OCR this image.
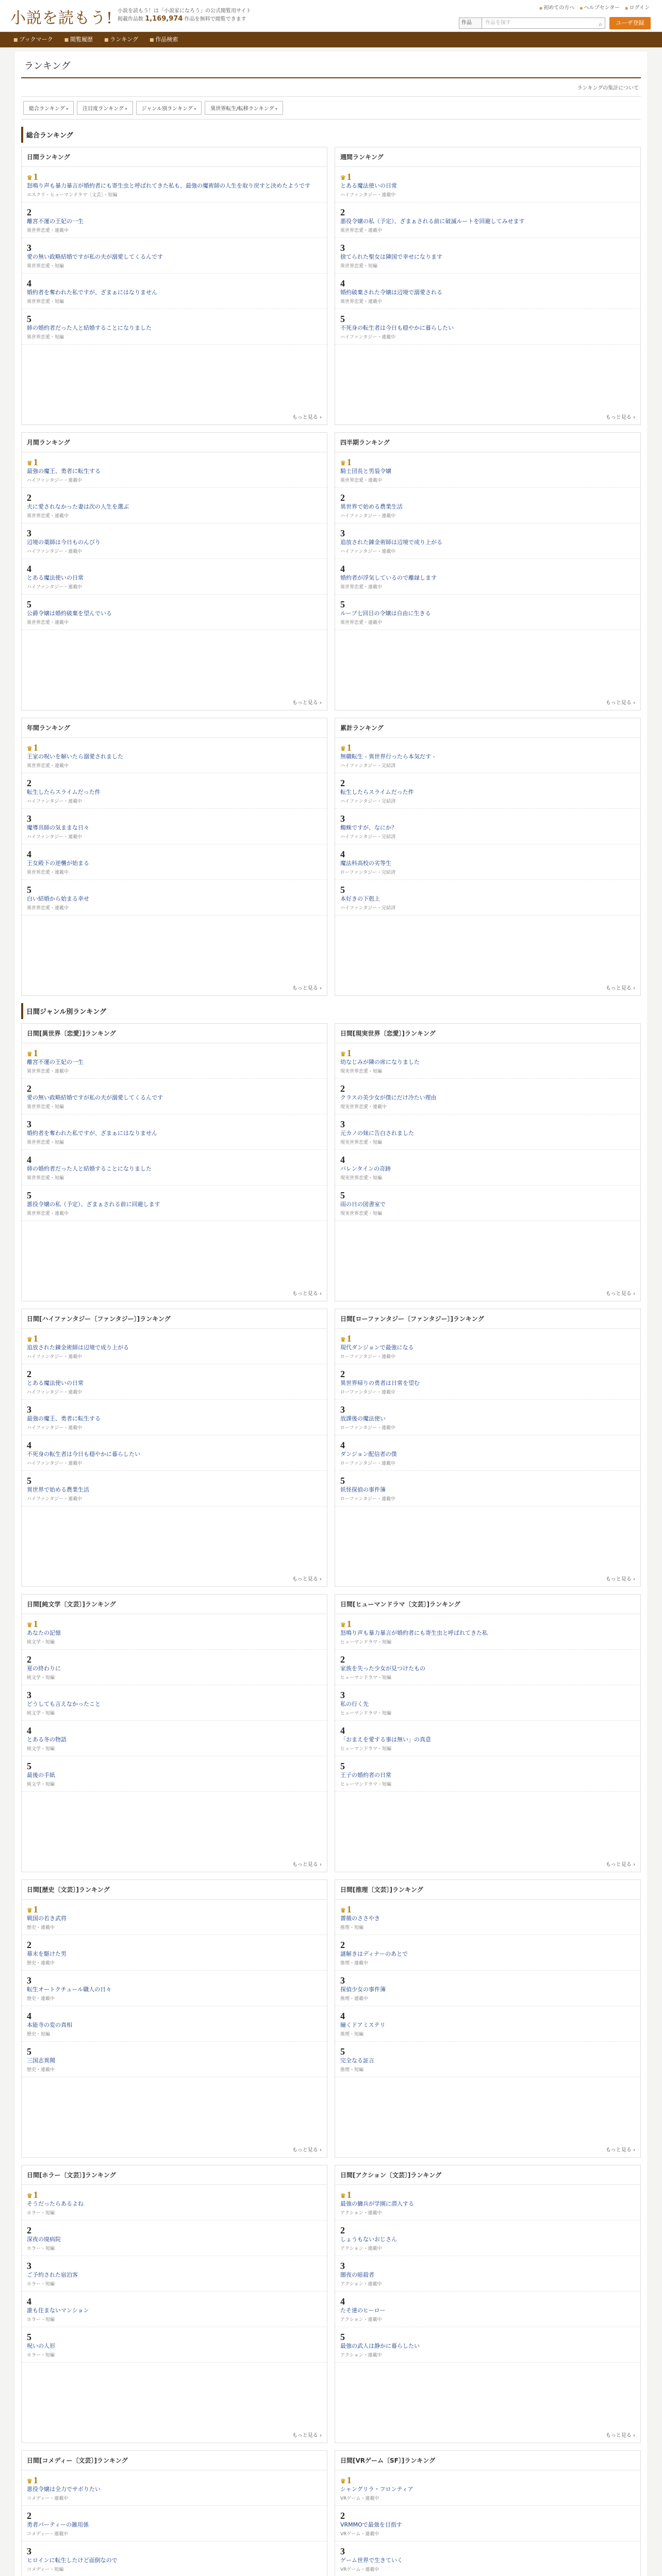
小説を読もう! 小説を読もう！は「小説家になろう」の公式閲覧用サイト
掲載作品数 1,169,974 作品を無料で閲覧できます
● 初めての方へ	● ヘルプセンター	● ログイン
作品	作品を探す	⌕	ユーザ登録
■ ブックマーク	■ 閲覧履歴	■ ランキング	■ 作品検索
ランキング
ランキングの集計について
総合ランキング ▾	注目度ランキング ▾	ジャンル別ランキング ▾	異世界転生/転移ランキング ▾
総合ランキング
日間ランキング
♛ 1
怒鳴り声も暴力暴言が婚約者にも寄生虫と呼ばれてきた私も、最強の魔術師の人生を取り戻すと決めたようです
エスクリ・ヒューマンドラマ〔文芸〕・短編
2
離宮不運の王妃の一生
異世界恋愛・連載中
3
愛の無い政略結婚ですが私の夫が溺愛してくるんです
異世界恋愛・短編
4
婚約者を奪われた私ですが、ざまぁにはなりません
異世界恋愛・短編
5
姉の婚約者だった人と結婚することになりました
異世界恋愛・短編
もっと見る ›
週間ランキング
♛ 1
とある魔法使いの日常
ハイファンタジー・連載中
2
悪役令嬢の私（予定）、ざまぁされる前に破滅ルートを回避してみせます
異世界恋愛・連載中
3
捨てられた聖女は隣国で幸せになります
異世界恋愛・短編
4
婚約破棄された令嬢は辺境で溺愛される
異世界恋愛・連載中
5
不死身の転生者は今日も穏やかに暮らしたい
ハイファンタジー・連載中
もっと見る ›
月間ランキング
♛ 1
最強の魔王、勇者に転生する
ハイファンタジー・連載中
2
夫に愛されなかった妻は次の人生を選ぶ
異世界恋愛・連載中
3
辺境の薬師は今日ものんびり
ハイファンタジー・連載中
4
とある魔法使いの日常
ハイファンタジー・連載中
5
公爵令嬢は婚約破棄を望んでいる
異世界恋愛・連載中
もっと見る ›
四半期ランキング
♛ 1
騎士団長と男装令嬢
異世界恋愛・連載中
2
異世界で始める農業生活
ハイファンタジー・連載中
3
追放された錬金術師は辺境で成り上がる
ハイファンタジー・連載中
4
婚約者が浮気しているので離縁します
異世界恋愛・連載中
5
ループ七回目の令嬢は自由に生きる
異世界恋愛・連載中
もっと見る ›
年間ランキング
♛ 1
王家の呪いを解いたら溺愛されました
異世界恋愛・連載中
2
転生したらスライムだった件
ハイファンタジー・連載中
3
魔導具師の気ままな日々
ハイファンタジー・連載中
4
王女殿下の逆襲が始まる
異世界恋愛・連載中
5
白い結婚から始まる幸せ
異世界恋愛・連載中
もっと見る ›
累計ランキング
♛ 1
無職転生 - 異世界行ったら本気だす -
ハイファンタジー・完結済
2
転生したらスライムだった件
ハイファンタジー・完結済
3
蜘蛛ですが、なにか？
ハイファンタジー・完結済
4
魔法科高校の劣等生
ローファンタジー・完結済
5
本好きの下剋上
ハイファンタジー・完結済
もっと見る ›
日間ジャンル別ランキング
日間[異世界〔恋愛〕]ランキング
♛ 1
離宮不運の王妃の一生
異世界恋愛・連載中
2
愛の無い政略結婚ですが私の夫が溺愛してくるんです
異世界恋愛・短編
3
婚約者を奪われた私ですが、ざまぁにはなりません
異世界恋愛・短編
4
姉の婚約者だった人と結婚することになりました
異世界恋愛・短編
5
悪役令嬢の私（予定）、ざまぁされる前に回避します
異世界恋愛・連載中
もっと見る ›
日間[現実世界〔恋愛〕]ランキング
♛ 1
幼なじみが隣の席になりました
現実世界恋愛・短編
2
クラスの美少女が僕にだけ冷たい理由
現実世界恋愛・連載中
3
元カノの妹に告白されました
現実世界恋愛・短編
4
バレンタインの奇跡
現実世界恋愛・短編
5
雨の日の図書室で
現実世界恋愛・短編
もっと見る ›
日間[ハイファンタジー〔ファンタジー〕]ランキング
♛ 1
追放された錬金術師は辺境で成り上がる
ハイファンタジー・連載中
2
とある魔法使いの日常
ハイファンタジー・連載中
3
最強の魔王、勇者に転生する
ハイファンタジー・連載中
4
不死身の転生者は今日も穏やかに暮らしたい
ハイファンタジー・連載中
5
異世界で始める農業生活
ハイファンタジー・連載中
もっと見る ›
日間[ローファンタジー〔ファンタジー〕]ランキング
♛ 1
現代ダンジョンで最強になる
ローファンタジー・連載中
2
異世界帰りの勇者は日常を望む
ローファンタジー・連載中
3
放課後の魔法使い
ローファンタジー・連載中
4
ダンジョン配信者の僕
ローファンタジー・連載中
5
妖怪探偵の事件簿
ローファンタジー・連載中
もっと見る ›
日間[純文学〔文芸〕]ランキング
♛ 1
あなたの記憶
純文学・短編
2
夏の終わりに
純文学・短編
3
どうしても言えなかったこと
純文学・短編
4
とある冬の物語
純文学・短編
5
最後の手紙
純文学・短編
もっと見る ›
日間[ヒューマンドラマ〔文芸〕]ランキング
♛ 1
怒鳴り声も暴力暴言が婚約者にも寄生虫と呼ばれてきた私
ヒューマンドラマ・短編
2
家族を失った少女が見つけたもの
ヒューマンドラマ・短編
3
私の行く先
ヒューマンドラマ・短編
4
「おまえを愛する事は無い」の真意
ヒューマンドラマ・短編
5
王子の婚約者の日常
ヒューマンドラマ・短編
もっと見る ›
日間[歴史〔文芸〕]ランキング
♛ 1
戦国の若き武将
歴史・連載中
2
幕末を駆けた男
歴史・連載中
3
転生オートクチュール職人の日々
歴史・連載中
4
本能寺の変の真相
歴史・短編
5
三国志異聞
歴史・連載中
もっと見る ›
日間[推理〔文芸〕]ランキング
♛ 1
薔薇のささやき
推理・短編
2
謎解きはディナーのあとで
推理・連載中
3
探偵少女の事件簿
推理・連載中
4
瞳くドアミステリ
推理・短編
5
完全なる証言
推理・短編
もっと見る ›
日間[ホラー〔文芸〕]ランキング
♛ 1
そうだったらあるよね
ホラー・短編
2
深夜の廃病院
ホラー・短編
3
ご予約された宿泊客
ホラー・短編
4
誰も住まないマンション
ホラー・短編
5
呪いの人形
ホラー・短編
もっと見る ›
日間[アクション〔文芸〕]ランキング
♛ 1
最強の傭兵が学園に潜入する
アクション・連載中
2
しょうもないおじさん
アクション・連載中
3
闇夜の暗殺者
アクション・連載中
4
たそ達のヒーロー
アクション・連載中
5
最強の武人は静かに暮らしたい
アクション・連載中
もっと見る ›
日間[コメディー〔文芸〕]ランキング
♛ 1
悪役令嬢は全力でサボりたい
コメディー・連載中
2
勇者パーティーの雑用係
コメディー・連載中
3
ヒロインに転生したけど面倒なので
コメディー・短編
日間[VRゲーム〔SF〕]ランキング
♛ 1
シャングリラ・フロンティア
VRゲーム・連載中
2
VRMMOで最強を目指す
VRゲーム・連載中
3
ゲーム世界で生きていく
VRゲーム・連載中
